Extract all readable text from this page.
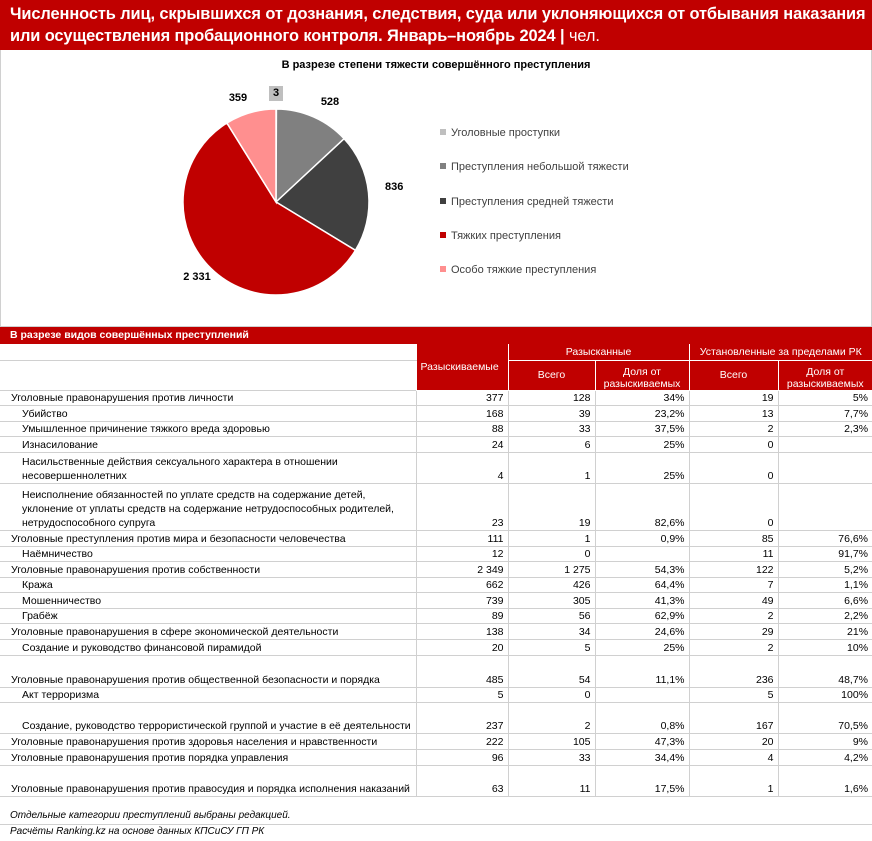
Численность лиц, скрывшихся от дознания, следствия, суда или уклоняющихся от отбывания наказания
или осуществления пробационного контроля. Январь–ноябрь 2024 | чел.
В разрезе степени тяжести совершённого преступления
3
528
836
2 331
359
Уголовные проступки
Преступления небольшой тяжести
Преступления средней тяжести
Тяжких преступления
Особо тяжкие преступления
В разрезе видов совершённых преступлений
	Разыскиваемые	Разысканные		Установленные за пределами РК	
		Всего	Доля от разыскиваемых	Всего	Доля от разыскиваемых
Уголовные правонарушения против личности	377	128	34%	19	5%
Убийство	168	39	23,2%	13	7,7%
Умышленное причинение тяжкого вреда здоровью	88	33	37,5%	2	2,3%
Изнасилование	24	6	25%	0	
Насильственные действия сексуального характера в отношении несовершеннолетних	4	1	25%	0	
Неисполнение обязанностей по уплате средств на содержание детей, уклонение от уплаты средств на содержание нетрудоспособных родителей, нетрудоспособного супруга	23	19	82,6%	0	
Уголовные преступления против мира и безопасности человечества	111	1	0,9%	85	76,6%
Наёмничество	12	0		11	91,7%
Уголовные правонарушения против собственности	2 349	1 275	54,3%	122	5,2%
Кража	662	426	64,4%	7	1,1%
Мошенничество	739	305	41,3%	49	6,6%
Грабёж	89	56	62,9%	2	2,2%
Уголовные правонарушения в сфере экономической деятельности	138	34	24,6%	29	21%
Создание и руководство финансовой пирамидой	20	5	25%	2	10%
Уголовные правонарушения против общественной безопасности и порядка	485	54	11,1%	236	48,7%
Акт терроризма	5	0		5	100%
Создание, руководство террористической группой и участие в её деятельности	237	2	0,8%	167	70,5%
Уголовные правонарушения против здоровья населения и нравственности	222	105	47,3%	20	9%
Уголовные правонарушения против порядка управления	96	33	34,4%	4	4,2%
Уголовные правонарушения против правосудия и порядка исполнения наказаний	63	11	17,5%	1	1,6%
Отдельные категории преступлений выбраны редакцией.
Расчёты Ranking.kz на основе данных КПСиСУ ГП РК
